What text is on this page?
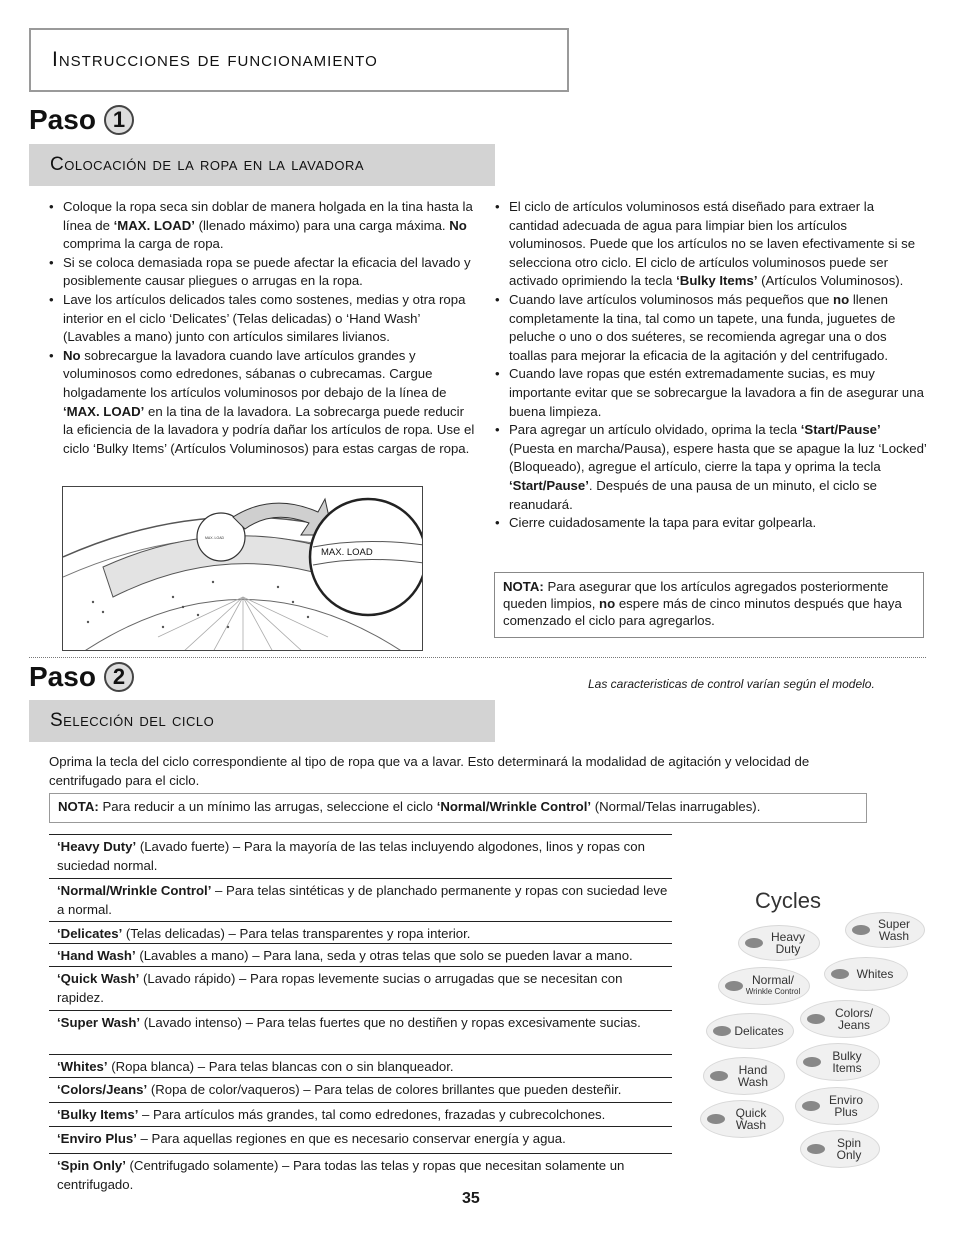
Instrucciones de funcionamiento
Paso 1
Colocación de la ropa en la lavadora
• Coloque la ropa seca sin doblar de manera holgada en la tina hasta la línea de ‘MAX. LOAD’ (llenado máximo) para una carga máxima. No comprima la carga de ropa.
• Si se coloca demasiada ropa se puede afectar la eficacia del lavado y posiblemente causar pliegues o arrugas en la ropa.
• Lave los artículos delicados tales como sostenes, medias y otra ropa interior en el ciclo ‘Delicates’ (Telas delicadas) o ‘Hand Wash’ (Lavables a mano) junto con artículos similares livianos.
• No sobrecargue la lavadora cuando lave artículos grandes y voluminosos como edredones, sábanas o cubrecamas. Cargue holgadamente los artículos voluminosos por debajo de la línea de ‘MAX. LOAD’ en la tina de la lavadora. La sobrecarga puede reducir la eficiencia de la lavadora y podría dañar los artículos de ropa. Use el ciclo ‘Bulky Items’ (Artículos Voluminosos) para estas cargas de ropa.
• El ciclo de artículos voluminosos está diseñado para extraer la cantidad adecuada de agua para limpiar bien los artículos voluminosos. Puede que los artículos no se laven efectivamente si se selecciona otro ciclo. El ciclo de artículos voluminosos puede ser activado oprimiendo la tecla ‘Bulky Items’ (Artículos Voluminosos).
• Cuando lave artículos voluminosos más pequeños que no llenen completamente la tina, tal como un tapete, una funda, juguetes de peluche o uno o dos suéteres, se recomienda agregar una o dos toallas para mejorar la eficacia de la agitación y del centrifugado.
• Cuando lave ropas que estén extremadamente sucias, es muy importante evitar que se sobrecargue la lavadora a fin de asegurar una buena limpieza.
• Para agregar un artículo olvidado, oprima la tecla ‘Start/Pause’ (Puesta en marcha/Pausa), espere hasta que se apague la luz ‘Locked’ (Bloqueado), agregue el artículo, cierre la tapa y oprima la tecla ‘Start/Pause’. Después de una pausa de un minuto, el ciclo se reanudará.
• Cierre cuidadosamente la tapa para evitar golpearla.
MAX. LOAD
MAX. LOAD
NOTA: Para asegurar que los artículos agregados posteriormente queden limpios, no espere más de cinco minutos después que haya comenzado el ciclo para agregarlos.
Paso 2	Las caracteristicas de control varían según el modelo.
Selección del ciclo
Oprima la tecla del ciclo correspondiente al tipo de ropa que va a lavar. Esto determinará la modalidad de agitación y velocidad de centrifugado para el ciclo.
NOTA: Para reducir a un mínimo las arrugas, seleccione el ciclo ‘Normal/Wrinkle Control’ (Normal/Telas inarrugables).
‘Heavy Duty’ (Lavado fuerte) – Para la mayoría de las telas incluyendo algodones, linos y ropas con suciedad normal.
‘Normal/Wrinkle Control’ – Para telas sintéticas y de planchado permanente y ropas con suciedad leve a normal.
‘Delicates’ (Telas delicadas) – Para telas transparentes y ropa interior.
‘Hand Wash’ (Lavables a mano) – Para lana, seda y otras telas que solo se pueden lavar a mano.
‘Quick Wash’ (Lavado rápido) – Para ropas levemente sucias o arrugadas que se necesitan con rapidez.
‘Super Wash’ (Lavado intenso) – Para telas fuertes que no destiñen y ropas excesivamente sucias.
‘Whites’ (Ropa blanca) – Para telas blancas con o sin blanqueador.
‘Colors/Jeans’ (Ropa de color/vaqueros) – Para telas de colores brillantes que pueden desteñir.
‘Bulky Items’ – Para artículos más grandes, tal como edredones, frazadas y cubrecolchones.
‘Enviro Plus’ – Para aquellas regiones en que es necesario conservar energía y agua.
‘Spin Only’ (Centrifugado solamente) – Para todas las telas y ropas que necesitan solamente un centrifugado.
Cycles
Heavy
Duty
Super
Wash
Normal/
Wrinkle Control
Whites
Delicates
Colors/
Jeans
Hand
Wash
Bulky
Items
Quick
Wash
Enviro
Plus
Spin
Only
35
